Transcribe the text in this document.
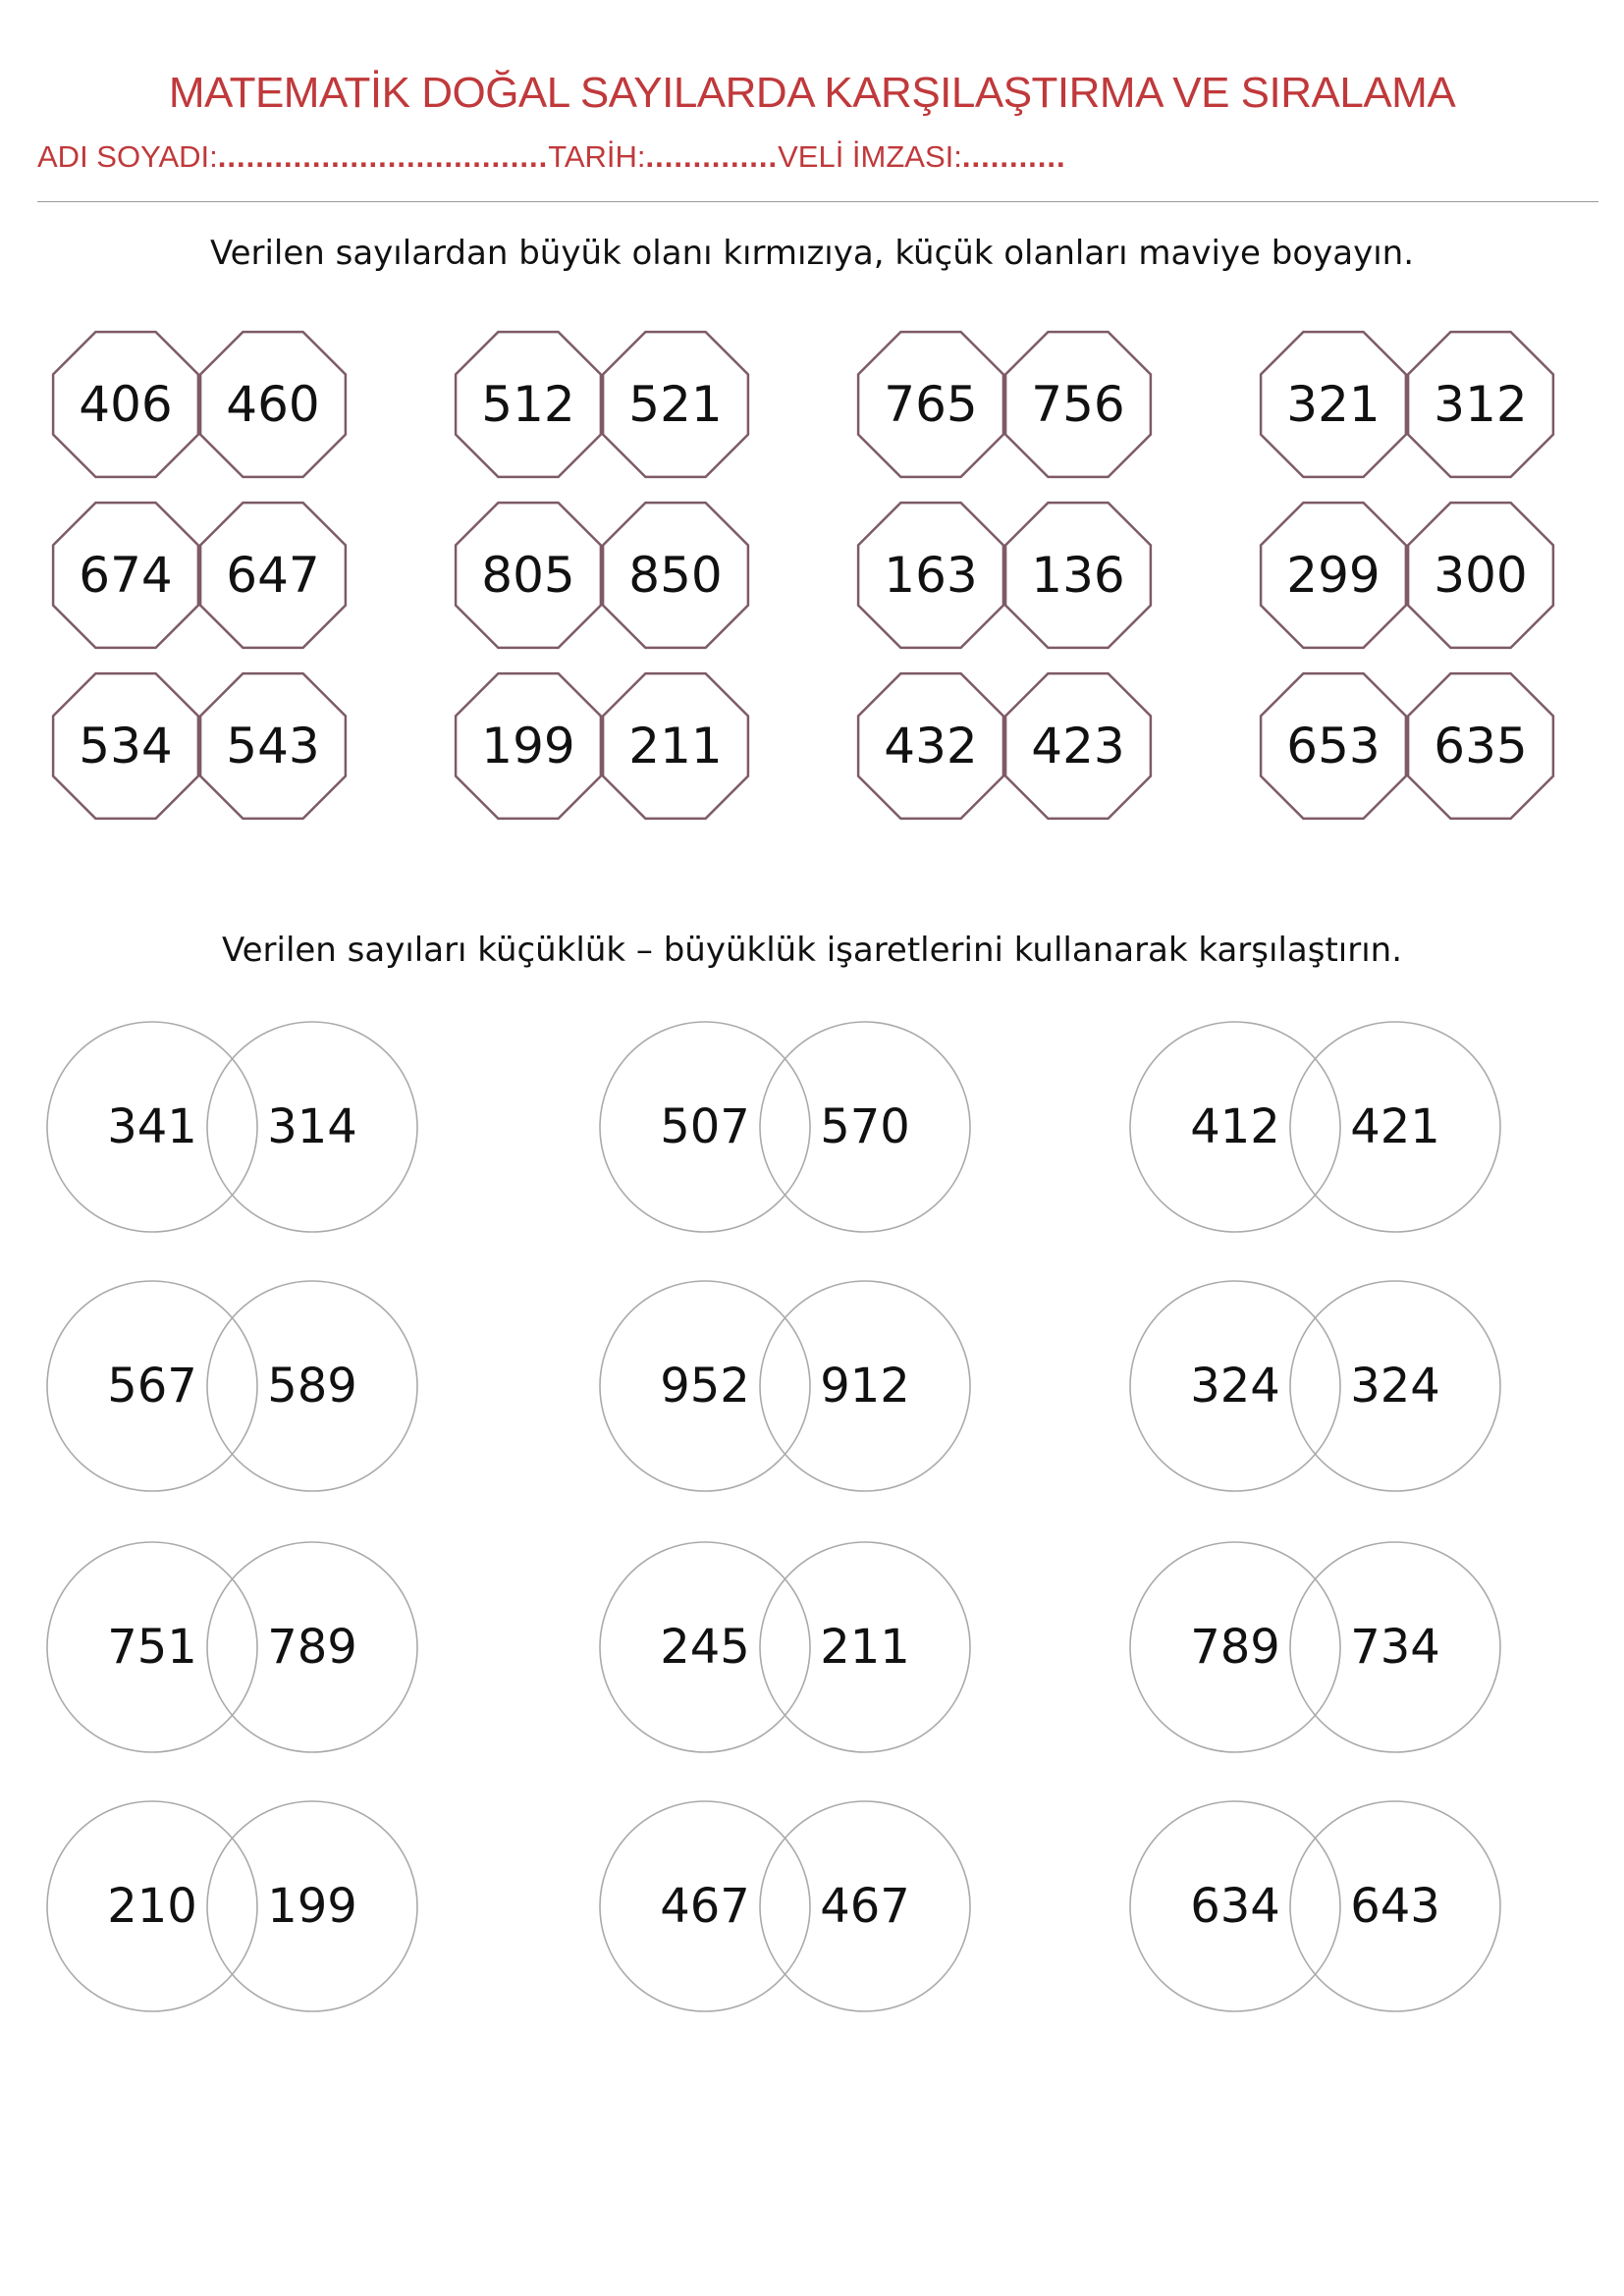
MATEMATİK DOĞAL SAYILARDA KARŞILAŞTIRMA VE SIRALAMA
ADI SOYADI:...................................TARİH:..............VELİ İMZASI:...........
Verilen sayılardan büyük olanı kırmızıya, küçük olanları maviye boyayın.
Verilen sayıları küçüklük – büyüklük işaretlerini kullanarak karşılaştırın.
406 460	512 521	765 756	321 312
674 647	805 850	163 136	299 300
534 543	199 211	432 423	653 635
341 314	507 570	412 421
567 589	952 912	324 324
751 789	245 211	789 734
210 199	467 467	634 643
